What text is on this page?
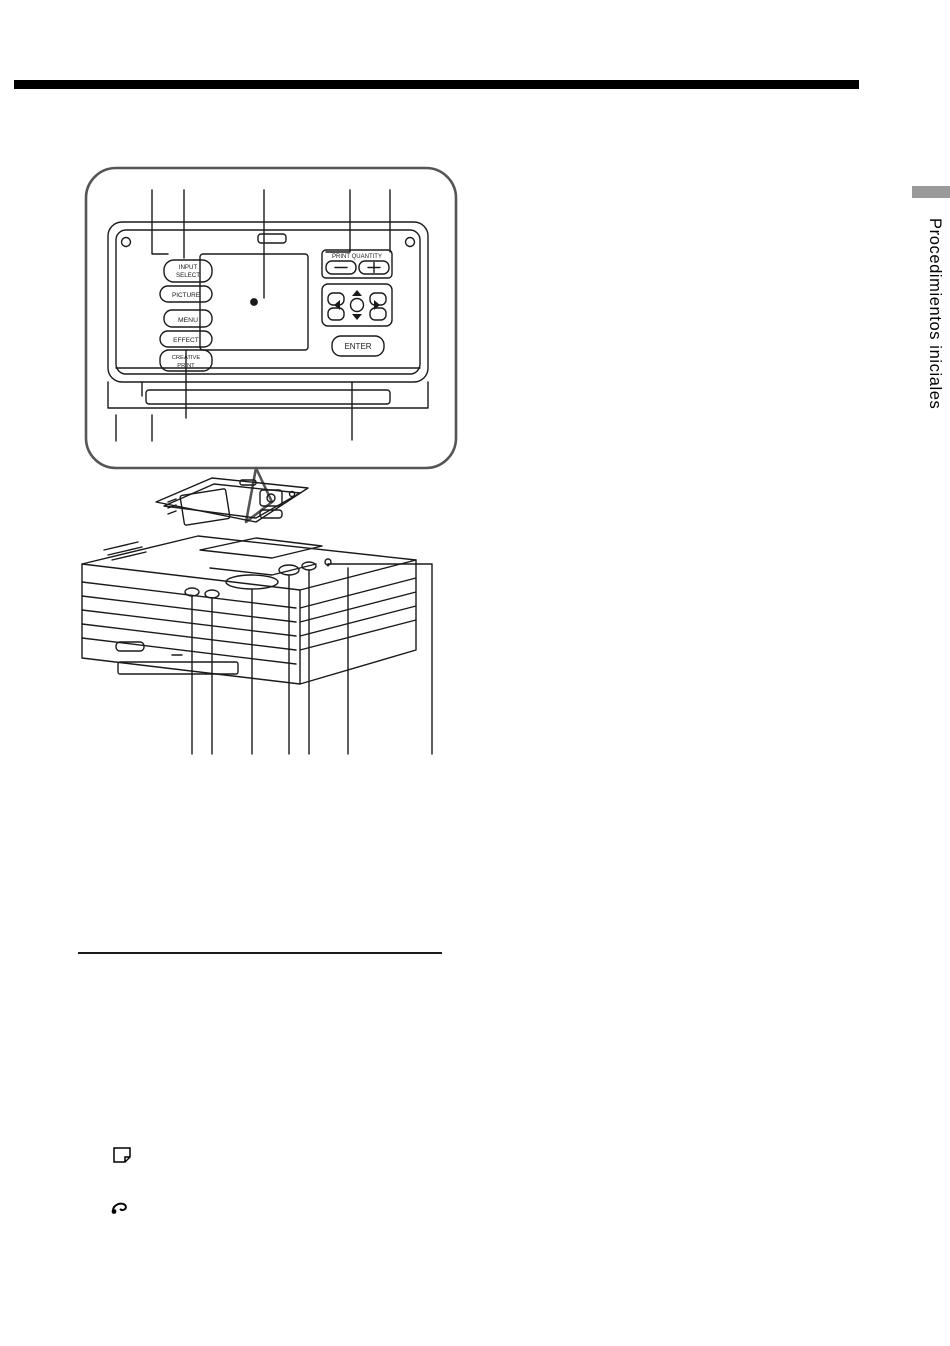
Procedimientos iniciales
INPUT
SELECT
PICTURE
MENU
EFFECT
CREATIVE
PRINT
PRINT QUANTITY
ENTER
